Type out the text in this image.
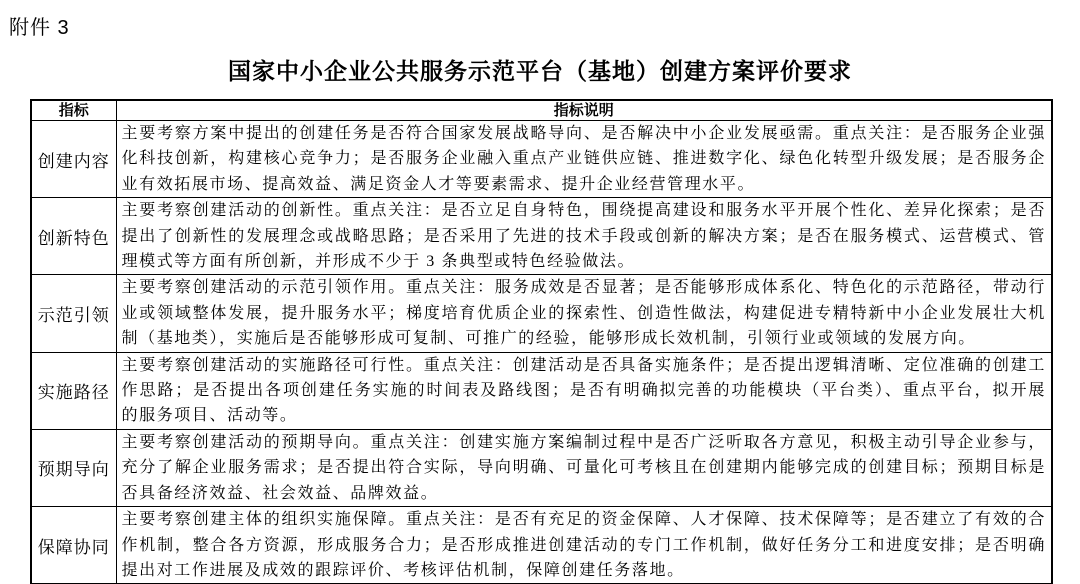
附件 3
国家中小企业公共服务示范平台（基地）创建方案评价要求
指标	指标说明
创建内容	主要考察方案中提出的创建任务是否符合国家发展战略导向、是否解决中小企业发展亟需。重点关注：是否服务企业强化科技创新，构建核心竞争力；是否服务企业融入重点产业链供应链、推进数字化、绿色化转型升级发展；是否服务企业有效拓展市场、提高效益、满足资金人才等要素需求、提升企业经营管理水平。
创新特色	主要考察创建活动的创新性。重点关注：是否立足自身特色，围绕提高建设和服务水平开展个性化、差异化探索；是否提出了创新性的发展理念或战略思路；是否采用了先进的技术手段或创新的解决方案；是否在服务模式、运营模式、管理模式等方面有所创新，并形成不少于 3 条典型或特色经验做法。
示范引领	主要考察创建活动的示范引领作用。重点关注：服务成效是否显著；是否能够形成体系化、特色化的示范路径，带动行业或领域整体发展，提升服务水平；梯度培育优质企业的探索性、创造性做法，构建促进专精特新中小企业发展壮大机制（基地类），实施后是否能够形成可复制、可推广的经验，能够形成长效机制，引领行业或领域的发展方向。
实施路径	主要考察创建活动的实施路径可行性。重点关注：创建活动是否具备实施条件；是否提出逻辑清晰、定位准确的创建工作思路；是否提出各项创建任务实施的时间表及路线图；是否有明确拟完善的功能模块（平台类）、重点平台，拟开展的服务项目、活动等。
预期导向	主要考察创建活动的预期导向。重点关注：创建实施方案编制过程中是否广泛听取各方意见，积极主动引导企业参与，充分了解企业服务需求；是否提出符合实际，导向明确、可量化可考核且在创建期内能够完成的创建目标；预期目标是否具备经济效益、社会效益、品牌效益。
保障协同	主要考察创建主体的组织实施保障。重点关注：是否有充足的资金保障、人才保障、技术保障等；是否建立了有效的合作机制，整合各方资源，形成服务合力；是否形成推进创建活动的专门工作机制，做好任务分工和进度安排；是否明确提出对工作进展及成效的跟踪评价、考核评估机制，保障创建任务落地。
